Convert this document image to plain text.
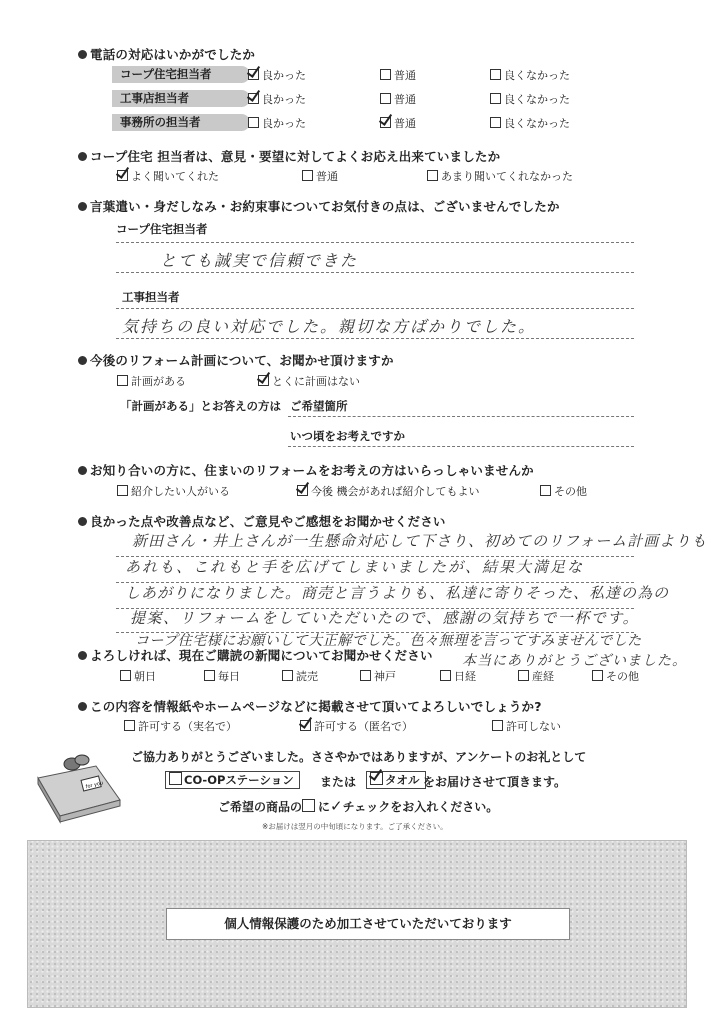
電話の対応はいかがでしたか
コープ住宅担当者	良かった	普通	良くなかった
工事店担当者	良かった	普通	良くなかった
事務所の担当者	良かった	普通	良くなかった
コープ住宅 担当者は、意見・要望に対してよくお応え出来ていましたか
よく聞いてくれた	普通	あまり聞いてくれなかった
言葉遣い・身だしなみ・お約束事についてお気付きの点は、ございませんでしたか
コープ住宅担当者
とても誠実で信頼できた
工事担当者
気持ちの良い対応でした。親切な方ばかりでした。
今後のリフォーム計画について、お聞かせ頂けますか
計画がある	とくに計画はない
「計画がある」とお答えの方は ご希望箇所
いつ頃をお考えですか
お知り合いの方に、住まいのリフォームをお考えの方はいらっしゃいませんか
紹介したい人がいる	今後 機会があれば紹介してもよい	その他
良かった点や改善点など、ご意見やご感想をお聞かせください
新田さん・井上さんが一生懸命対応して下さり、初めてのリフォーム計画よりも
あれも、これもと手を広げてしまいましたが、結果大満足な
しあがりになりました。商売と言うよりも、私達に寄りそった、私達の為の
提案、リフォームをしていただいたので、感謝の気持ちで一杯です。
コープ住宅様にお願いして大正解でした。色々無理を言ってすみませんでした
本当にありがとうございました。
よろしければ、現在ご購読の新聞についてお聞かせください
朝日	毎日	読売	神戸	日経	産経	その他
この内容を情報紙やホームページなどに掲載させて頂いてよろしいでしょうか?
許可する（実名で）	許可する（匿名で）	許可しない
for you
ご協力ありがとうございました。ささやかではありますが、アンケートのお礼として
CO-OPステーション	または	タオル をお届けさせて頂きます。
ご希望の商品の に✓チェックをお入れください。
※お届けは翌月の中旬頃になります。ご了承ください。
個人情報保護のため加工させていただいております
